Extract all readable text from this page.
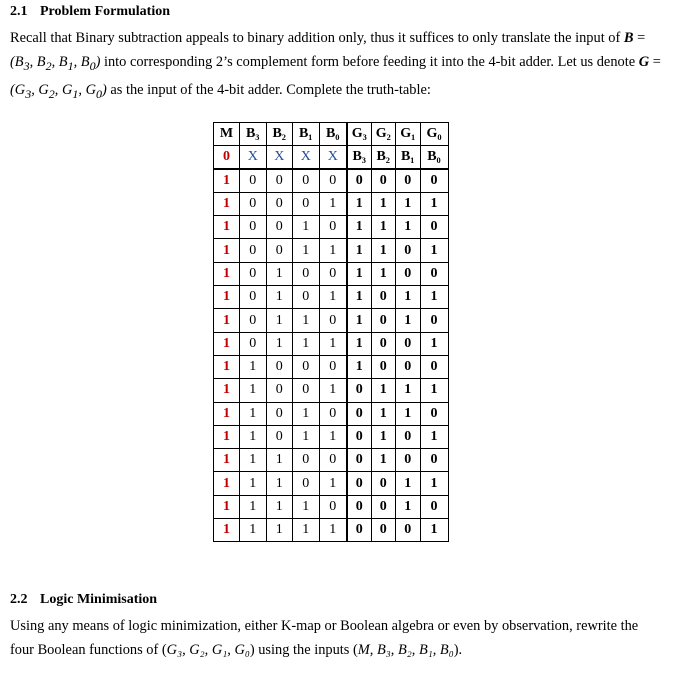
2.1 Problem Formulation
Recall that Binary subtraction appeals to binary addition only, thus it suffices to only translate the input of B =
($B_3$, $B_2$, $B_1$, $B_0$) into corresponding 2’s complement form before feeding it into the 4-bit adder. Let us denote G =
($G_3$, $G_2$, $G_1$, $G_0$) as the input of the 4-bit adder. Complete the truth-table:
M	B₃	B₂	B₁	B₀	G₃	G₂	G₁	G₀
0	X	X	X	X	B₃	B₂	B₁	B₀
1	0	0	0	0	0	0	0	0
1	0	0	0	1	1	1	1	1
1	0	0	1	0	1	1	1	0
1	0	0	1	1	1	1	0	1
1	0	1	0	0	1	1	0	0
1	0	1	0	1	1	0	1	1
1	0	1	1	0	1	0	1	0
1	0	1	1	1	1	0	0	1
1	1	0	0	0	1	0	0	0
1	1	0	0	1	0	1	1	1
1	1	0	1	0	0	1	1	0
1	1	0	1	1	0	1	0	1
1	1	1	0	0	0	1	0	0
1	1	1	0	1	0	0	1	1
1	1	1	1	0	0	0	1	0
1	1	1	1	1	0	0	0	1
2.2 Logic Minimisation
Using any means of logic minimization, either K-map or Boolean algebra or even by observation, rewrite the
four Boolean functions of (G₃, G₂, G₁, G₀) using the inputs (M, B₃, B₂, B₁, B₀).
